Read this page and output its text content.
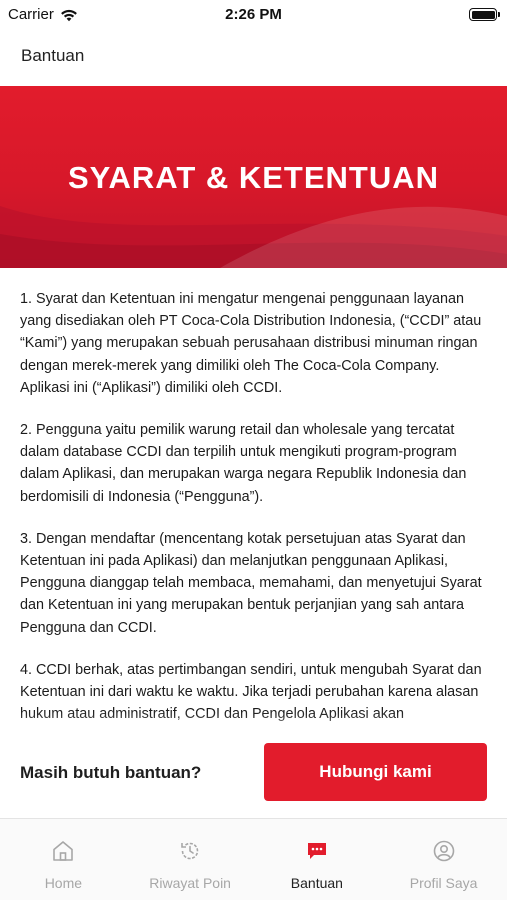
Carrier	2:26 PM
Bantuan
SYARAT & KETENTUAN

1. Syarat dan Ketentuan ini mengatur mengenai penggunaan layanan yang disediakan oleh PT Coca-Cola Distribution Indonesia, (“CCDI” atau “Kami”) yang merupakan sebuah perusahaan distribusi minuman ringan dengan merek-merek yang dimiliki oleh The Coca-Cola Company. Aplikasi ini (“Aplikasi”) dimiliki oleh CCDI.

2. Pengguna yaitu pemilik warung retail dan wholesale yang tercatat dalam database CCDI dan terpilih untuk mengikuti program-program dalam Aplikasi, dan merupakan warga negara Republik Indonesia dan berdomisili di Indonesia (“Pengguna”).

3. Dengan mendaftar (mencentang kotak persetujuan atas Syarat dan Ketentuan ini pada Aplikasi) dan melanjutkan penggunaan Aplikasi, Pengguna dianggap telah membaca, memahami, dan menyetujui Syarat dan Ketentuan ini yang merupakan bentuk perjanjian yang sah antara Pengguna dan CCDI.

4. CCDI berhak, atas pertimbangan sendiri, untuk mengubah Syarat dan Ketentuan ini dari waktu ke waktu. Jika terjadi perubahan karena alasan hukum atau administratif, CCDI dan Pengelola Aplikasi akan

Masih butuh bantuan?	Hubungi kami
Home	Riwayat Poin	Bantuan	Profil Saya
